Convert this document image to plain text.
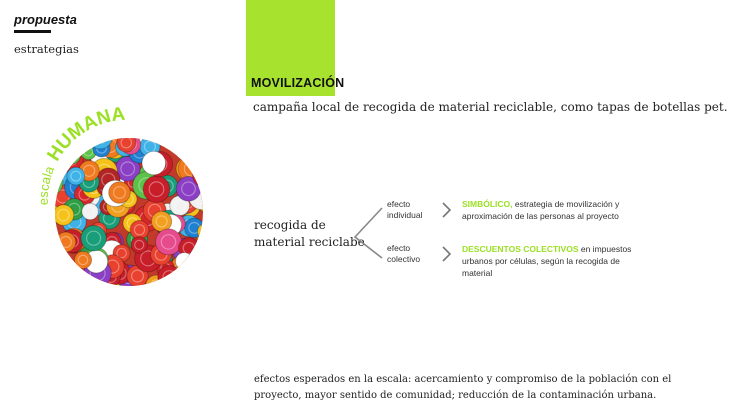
propuesta
estrategias
MOVILIZACIÓN
campaña local de recogida de material reciclable, como tapas de botellas pet.
escala HUMANA
recogida de
material reciclabe
efecto
individual
SIMBÓLICO, estrategia de movilización y aproximación de las personas al proyecto
efecto
colectivo
DESCUENTOS COLECTIVOS en impuestos urbanos por células, según la recogida de material
efectos esperados en la escala: acercamiento y compromiso de la población con el proyecto, mayor sentido de comunidad; reducción de la contaminación urbana.
